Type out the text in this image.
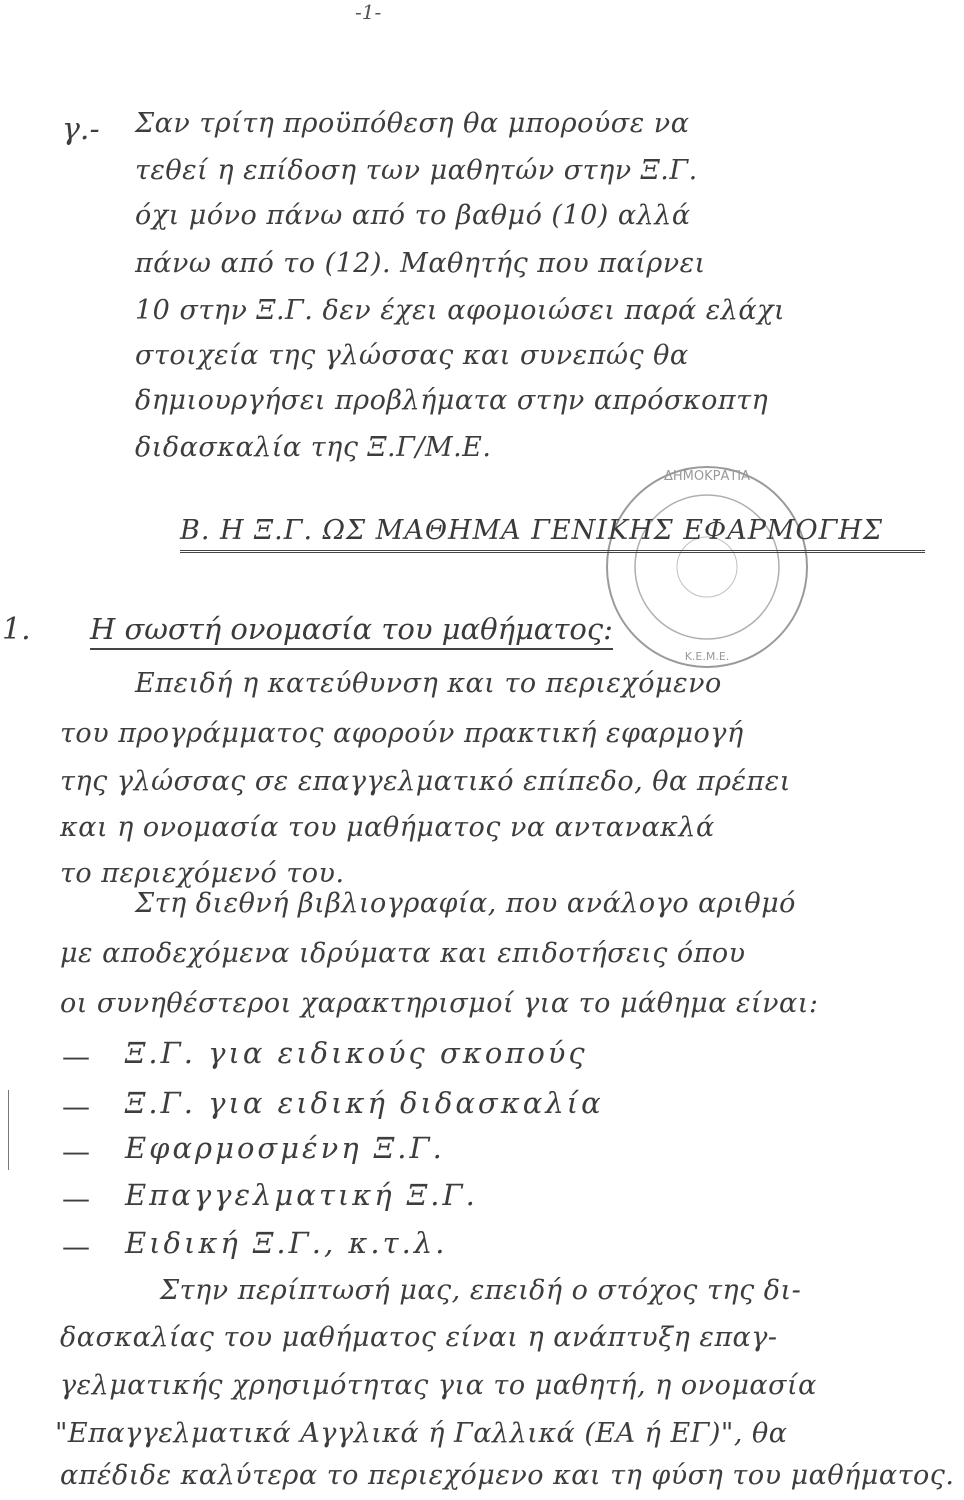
-1-
γ.- Σαν τρίτη προϋπόθεση θα μπορούσε να
τεθεί η επίδοση των μαθητών στην Ξ.Γ.
όχι μόνο πάνω από το βαθμό (10) αλλά
πάνω από το (12). Μαθητής που παίρνει
10 στην Ξ.Γ. δεν έχει αφομοιώσει παρά ελάχι
στοιχεία της γλώσσας και συνεπώς θα
δημιουργήσει προβλήματα στην απρόσκοπτη
διδασκαλία της Ξ.Γ/Μ.Ε.
ΔΗΜΟΚΡΑΤΙΑ
Κ.Ε.Μ.Ε.
Β. Η Ξ.Γ. ΩΣ ΜΑΘΗΜΑ ΓΕΝΙΚΗΣ ΕΦΑΡΜΟΓΗΣ
1. Η σωστή ονομασία του μαθήματος:
Επειδή η κατεύθυνση και το περιεχόμενο
του προγράμματος αφορούν πρακτική εφαρμογή
της γλώσσας σε επαγγελματικό επίπεδο, θα πρέπει
και η ονομασία του μαθήματος να αντανακλά
το περιεχόμενό του.
Στη διεθνή βιβλιογραφία, που ανάλογο αριθμό
με αποδεχόμενα ιδρύματα και επιδοτήσεις όπου
οι συνηθέστεροι χαρακτηρισμοί για το μάθημα είναι:
— Ξ.Γ. για ειδικούς σκοπούς
— Ξ.Γ. για ειδική διδασκαλία
— Εφαρμοσμένη Ξ.Γ.
— Επαγγελματική Ξ.Γ.
— Ειδική Ξ.Γ., κ.τ.λ.
Στην περίπτωσή μας, επειδή ο στόχος της δι-
δασκαλίας του μαθήματος είναι η ανάπτυξη επαγ-
γελματικής χρησιμότητας για το μαθητή, η ονομασία
"Επαγγελματικά Αγγλικά ή Γαλλικά (ΕΑ ή ΕΓ)", θα
απέδιδε καλύτερα το περιεχόμενο και τη φύση του μαθήματος.
